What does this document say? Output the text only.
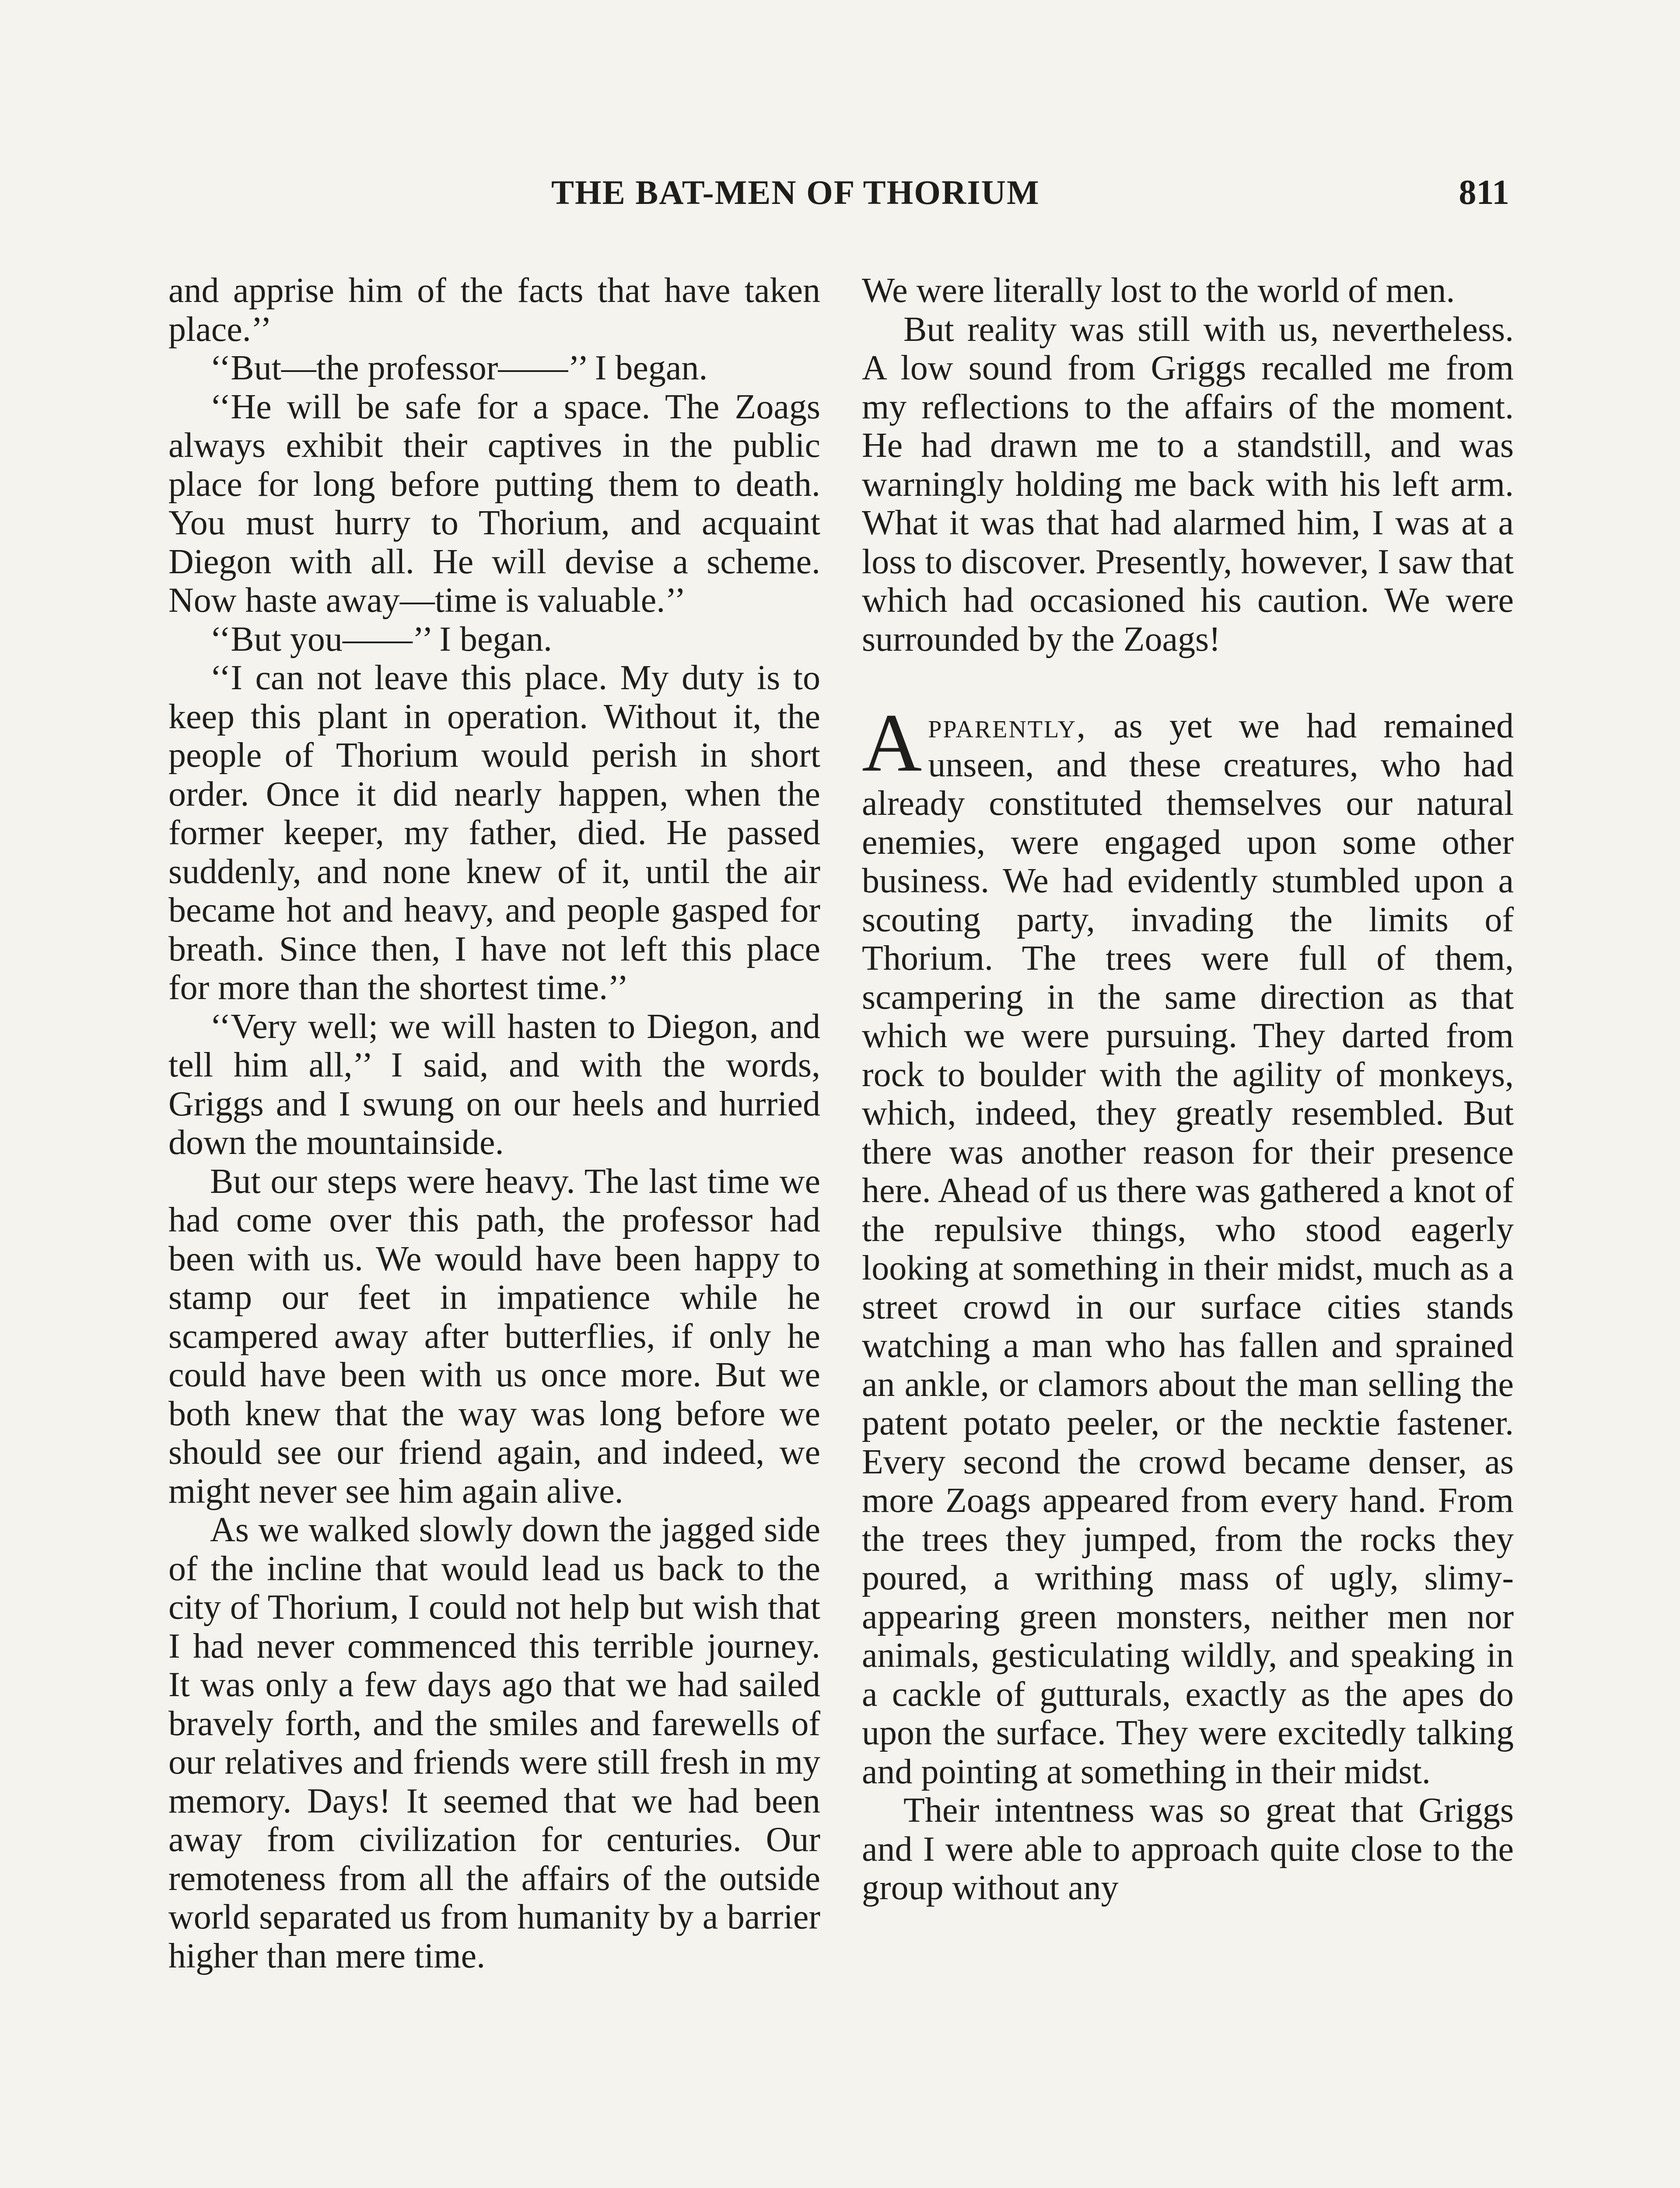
THE BAT-MEN OF THORIUM	811

and apprise him of the facts that have taken place.’’

‘‘But—the professor——’’ I began.

‘‘He will be safe for a space. The Zoags always exhibit their captives in the public place for long before putting them to death. You must hurry to Thorium, and acquaint Diegon with all. He will devise a scheme. Now haste away—time is valuable.’’

‘‘But you——’’ I began.

‘‘I can not leave this place. My duty is to keep this plant in operation. Without it, the people of Thorium would perish in short order. Once it did nearly happen, when the former keeper, my father, died. He passed suddenly, and none knew of it, until the air became hot and heavy, and people gasped for breath. Since then, I have not left this place for more than the shortest time.’’

‘‘Very well; we will hasten to Diegon, and tell him all,’’ I said, and with the words, Griggs and I swung on our heels and hurried down the mountainside.

But our steps were heavy. The last time we had come over this path, the professor had been with us. We would have been happy to stamp our feet in impatience while he scampered away after butterflies, if only he could have been with us once more. But we both knew that the way was long before we should see our friend again, and indeed, we might never see him again alive.

As we walked slowly down the jagged side of the incline that would lead us back to the city of Thorium, I could not help but wish that I had never commenced this terrible journey. It was only a few days ago that we had sailed bravely forth, and the smiles and farewells of our relatives and friends were still fresh in my memory. Days! It seemed that we had been away from civilization for centuries. Our remoteness from all the affairs of the outside world separated us from humanity by a barrier higher than mere time.

We were literally lost to the world of men.

But reality was still with us, nevertheless. A low sound from Griggs recalled me from my reflections to the affairs of the moment. He had drawn me to a standstill, and was warningly holding me back with his left arm. What it was that had alarmed him, I was at a loss to discover. Presently, however, I saw that which had occasioned his caution. We were surrounded by the Zoags!

Apparently, as yet we had remained unseen, and these creatures, who had already constituted themselves our natural enemies, were engaged upon some other business. We had evidently stumbled upon a scouting party, invading the limits of Thorium. The trees were full of them, scampering in the same direction as that which we were pursuing. They darted from rock to boulder with the agility of monkeys, which, indeed, they greatly resembled. But there was another reason for their presence here. Ahead of us there was gathered a knot of the repulsive things, who stood eagerly looking at something in their midst, much as a street crowd in our surface cities stands watching a man who has fallen and sprained an ankle, or clamors about the man selling the patent potato peeler, or the necktie fastener. Every second the crowd became denser, as more Zoags appeared from every hand. From the trees they jumped, from the rocks they poured, a writhing mass of ugly, slimy-appearing green monsters, neither men nor animals, gesticulating wildly, and speaking in a cackle of gutturals, exactly as the apes do upon the surface. They were excitedly talking and pointing at something in their midst.

Their intentness was so great that Griggs and I were able to approach quite close to the group without any
